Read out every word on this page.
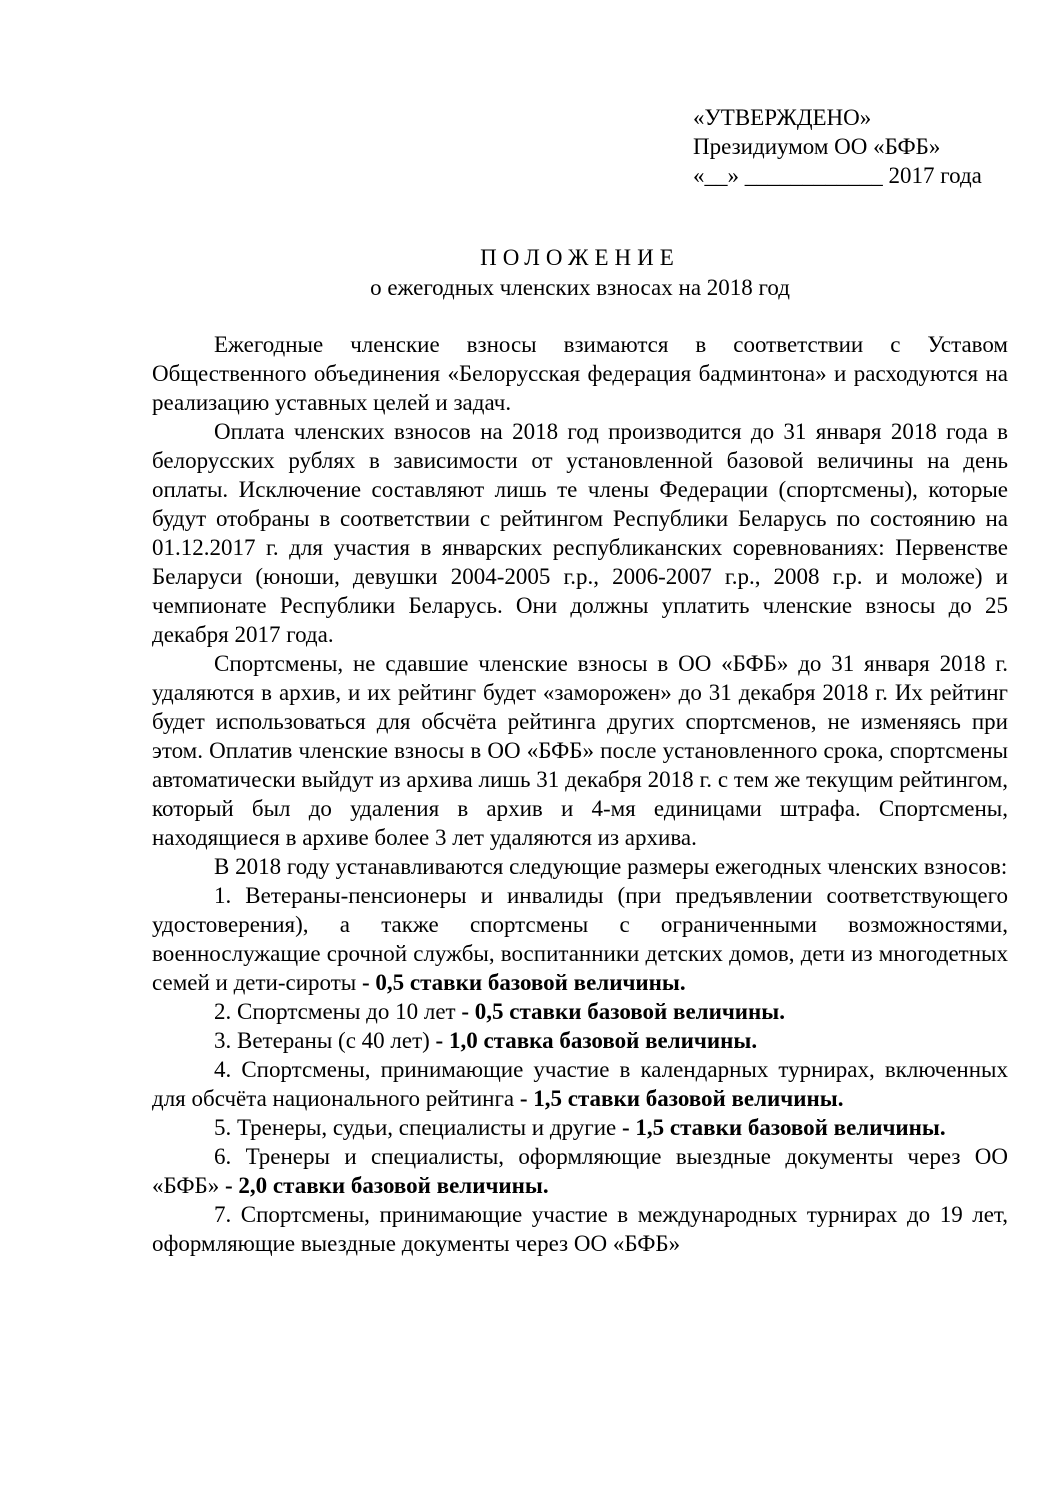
«УТВЕРЖДЕНО»
Президиумом ОО «БФБ»
«__» ____________ 2017 года
ПОЛОЖЕНИЕ
о ежегодных членских взносах на 2018 год

Ежегодные членские взносы взимаются в соответствии с Уставом Общественного объединения «Белорусская федерация бадминтона» и расходуются на реализацию уставных целей и задач.

Оплата членских взносов на 2018 год производится до 31 января 2018 года в белорусских рублях в зависимости от установленной базовой величины на день оплаты. Исключение составляют лишь те члены Федерации (спортсмены), которые будут отобраны в соответствии с рейтингом Республики Беларусь по состоянию на 01.12.2017 г. для участия в январских республиканских соревнованиях: Первенстве Беларуси (юноши, девушки 2004-2005 г.р., 2006-2007 г.р., 2008 г.р. и моложе) и чемпионате Республики Беларусь. Они должны уплатить членские взносы до 25 декабря 2017 года.

Спортсмены, не сдавшие членские взносы в ОО «БФБ» до 31 января 2018 г. удаляются в архив, и их рейтинг будет «заморожен» до 31 декабря 2018 г. Их рейтинг будет использоваться для обсчёта рейтинга других спортсменов, не изменяясь при этом. Оплатив членские взносы в ОО «БФБ» после установленного срока, спортсмены автоматически выйдут из архива лишь 31 декабря 2018 г. с тем же текущим рейтингом, который был до удаления в архив и 4-мя единицами штрафа. Спортсмены, находящиеся в архиве более 3 лет удаляются из архива.

В 2018 году устанавливаются следующие размеры ежегодных членских взносов:

1. Ветераны-пенсионеры и инвалиды (при предъявлении соответствующего удостоверения), а также спортсмены с ограниченными возможностями, военнослужащие срочной службы, воспитанники детских домов, дети из многодетных семей и дети-сироты - 0,5 ставки базовой величины.

2. Спортсмены до 10 лет - 0,5 ставки базовой величины.

3. Ветераны (с 40 лет) - 1,0 ставка базовой величины.

4. Спортсмены, принимающие участие в календарных турнирах, включенных для обсчёта национального рейтинга - 1,5 ставки базовой величины.

5. Тренеры, судьи, специалисты и другие - 1,5 ставки базовой величины.

6. Тренеры и специалисты, оформляющие выездные документы через ОО «БФБ» - 2,0 ставки базовой величины.

7. Спортсмены, принимающие участие в международных турнирах до 19 лет, оформляющие выездные документы через ОО «БФБ»
